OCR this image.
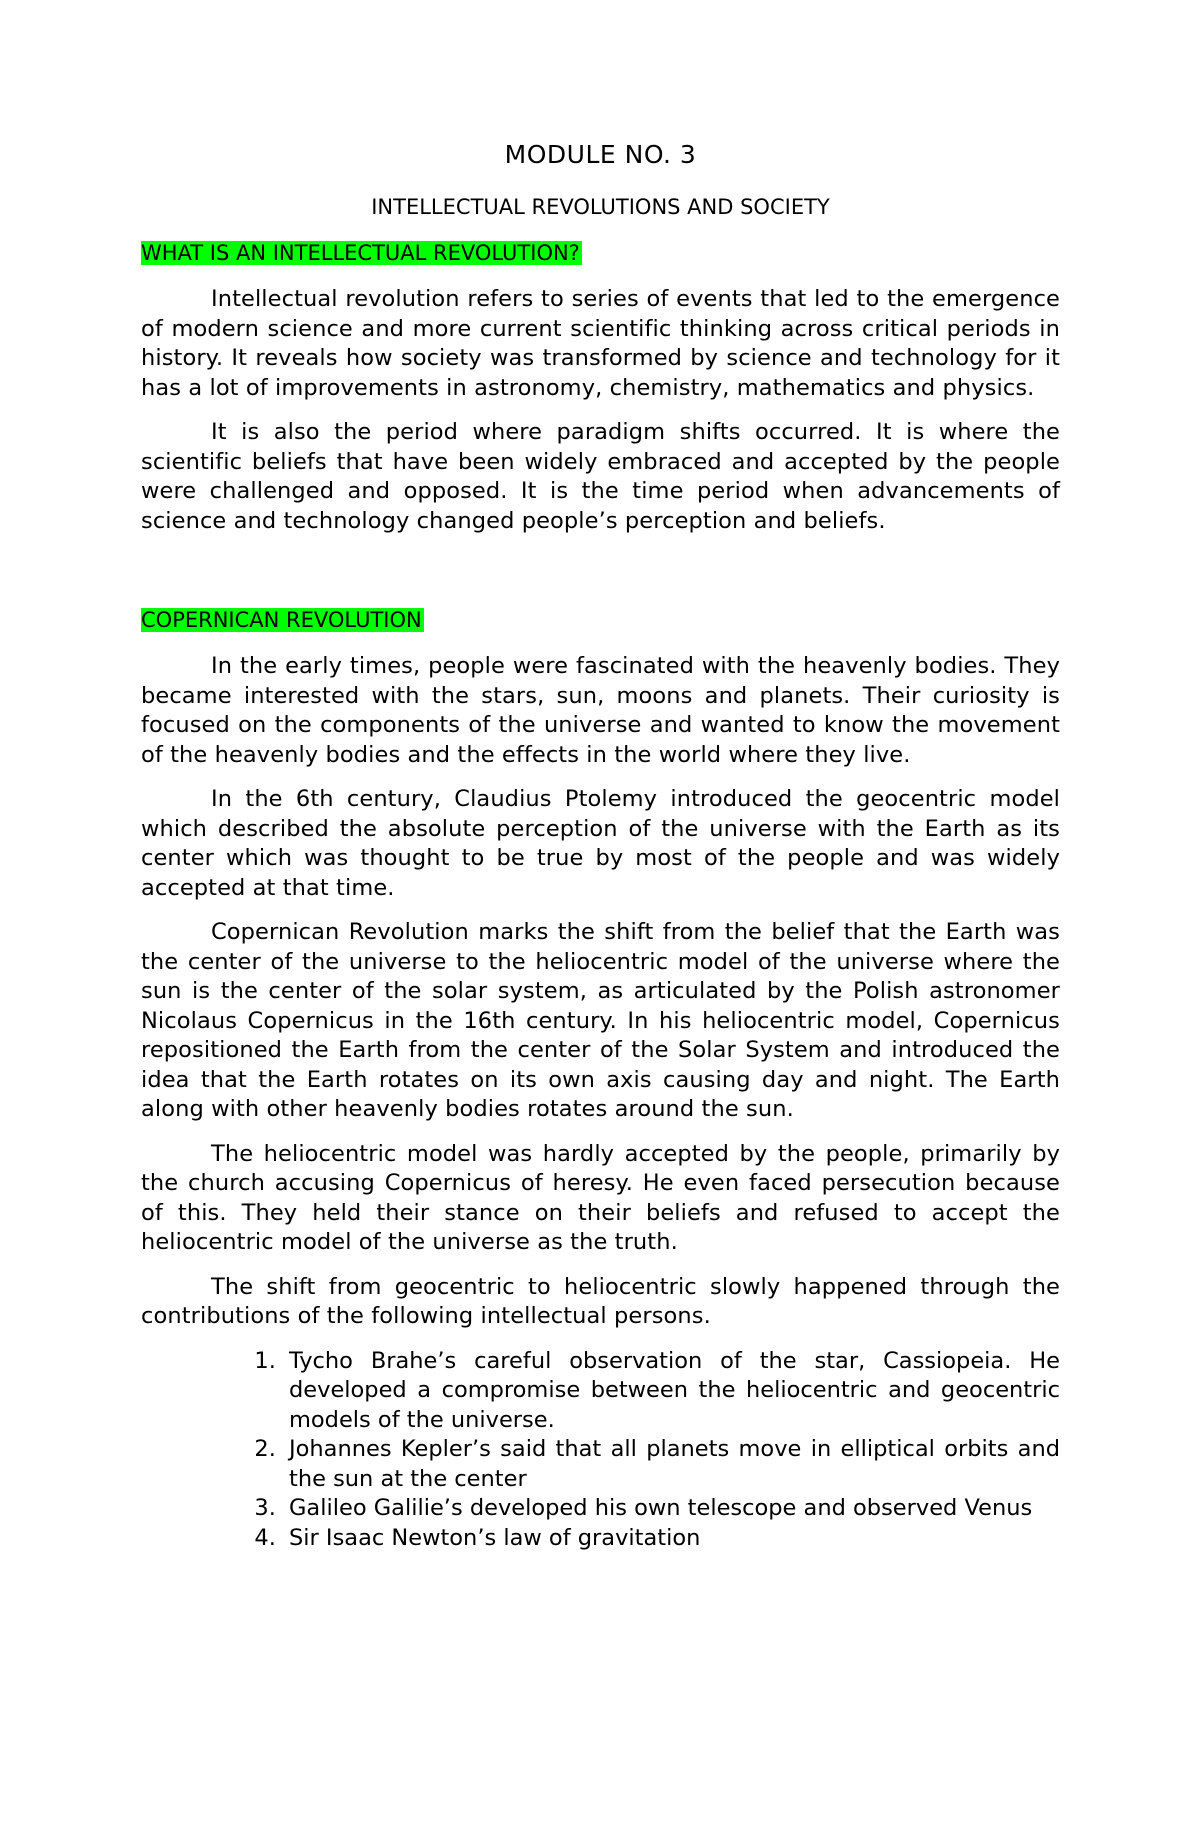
MODULE NO. 3
INTELLECTUAL REVOLUTIONS AND SOCIETY
WHAT IS AN INTELLECTUAL REVOLUTION?

Intellectual revolution refers to series of events that led to the emergence of modern science and more current scientific thinking across critical periods in history. It reveals how society was transformed by science and technology for it has a lot of improvements in astronomy, chemistry, mathematics and physics.

It is also the period where paradigm shifts occurred. It is where the scientific beliefs that have been widely embraced and accepted by the people were challenged and opposed. It is the time period when advancements of science and technology changed people’s perception and beliefs.

COPERNICAN REVOLUTION

In the early times, people were fascinated with the heavenly bodies. They became interested with the stars, sun, moons and planets. Their curiosity is focused on the components of the universe and wanted to know the movement of the heavenly bodies and the effects in the world where they live.

In the 6th century, Claudius Ptolemy introduced the geocentric model which described the absolute perception of the universe with the Earth as its center which was thought to be true by most of the people and was widely accepted at that time.

Copernican Revolution marks the shift from the belief that the Earth was the center of the universe to the heliocentric model of the universe where the sun is the center of the solar system, as articulated by the Polish astronomer Nicolaus Copernicus in the 16th century. In his heliocentric model, Copernicus repositioned the Earth from the center of the Solar System and introduced the idea that the Earth rotates on its own axis causing day and night. The Earth along with other heavenly bodies rotates around the sun.

The heliocentric model was hardly accepted by the people, primarily by the church accusing Copernicus of heresy. He even faced persecution because of this. They held their stance on their beliefs and refused to accept the heliocentric model of the universe as the truth.

The shift from geocentric to heliocentric slowly happened through the contributions of the following intellectual persons.

1. Tycho Brahe’s careful observation of the star, Cassiopeia. He developed a compromise between the heliocentric and geocentric models of the universe.
2. Johannes Kepler’s said that all planets move in elliptical orbits and the sun at the center
3. Galileo Galilie’s developed his own telescope and observed Venus
4. Sir Isaac Newton’s law of gravitation
